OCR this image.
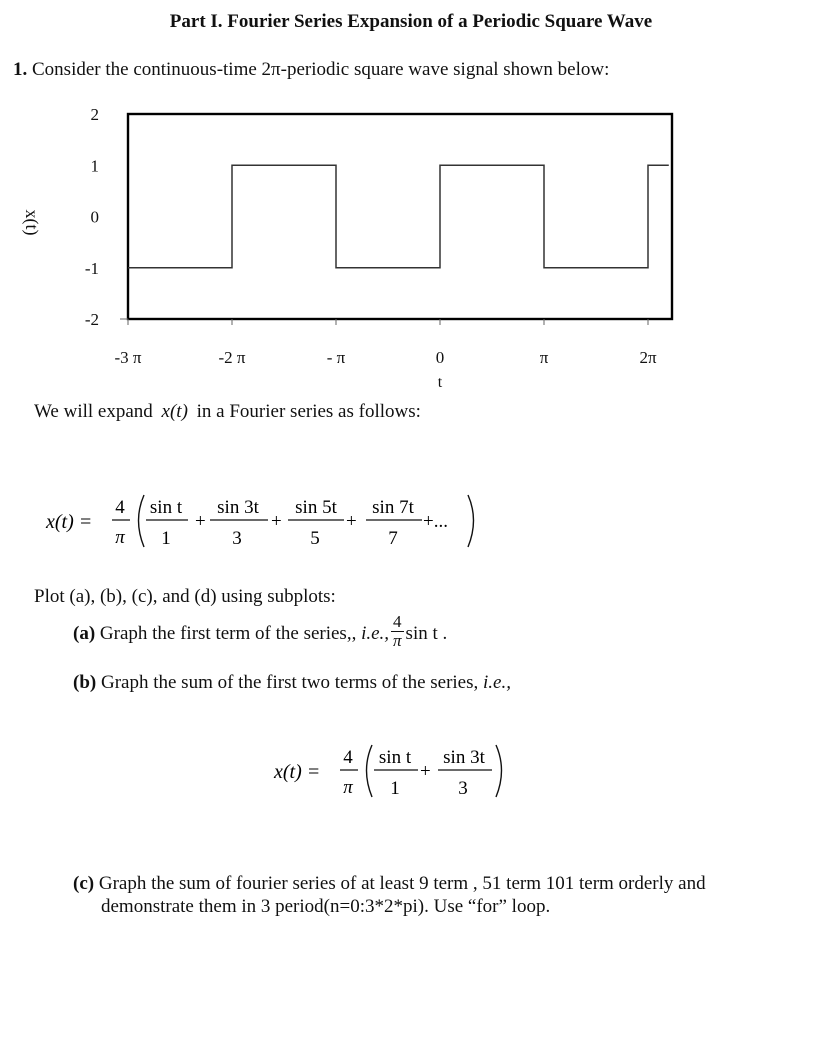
Part I. Fourier Series Expansion of a Periodic Square Wave
1. Consider the continuous-time 2π-periodic square wave signal shown below:
-3 π	-2 π	- π	0	π	2π
2
1
0
-1
-2
t
x(t)
We will expand x(t) in a Fourier series as follows:
x(t) =
4
π
sin t
1
+
sin 3t
3
+
sin 5t
5
+
sin 7t
7
+...
Plot (a), (b), (c), and (d) using subplots:
(a) Graph the first term of the series,, i.e., $\frac{4}{\pi}$ sin t .
(b) Graph the sum of the first two terms of the series, i.e.,
x(t) =
4
π
sin t
1
+
sin 3t
3
(c) Graph the sum of fourier series of at least 9 term , 51 term 101 term orderly and
demonstrate them in 3 period(n=0:3*2*pi). Use “for” loop.
